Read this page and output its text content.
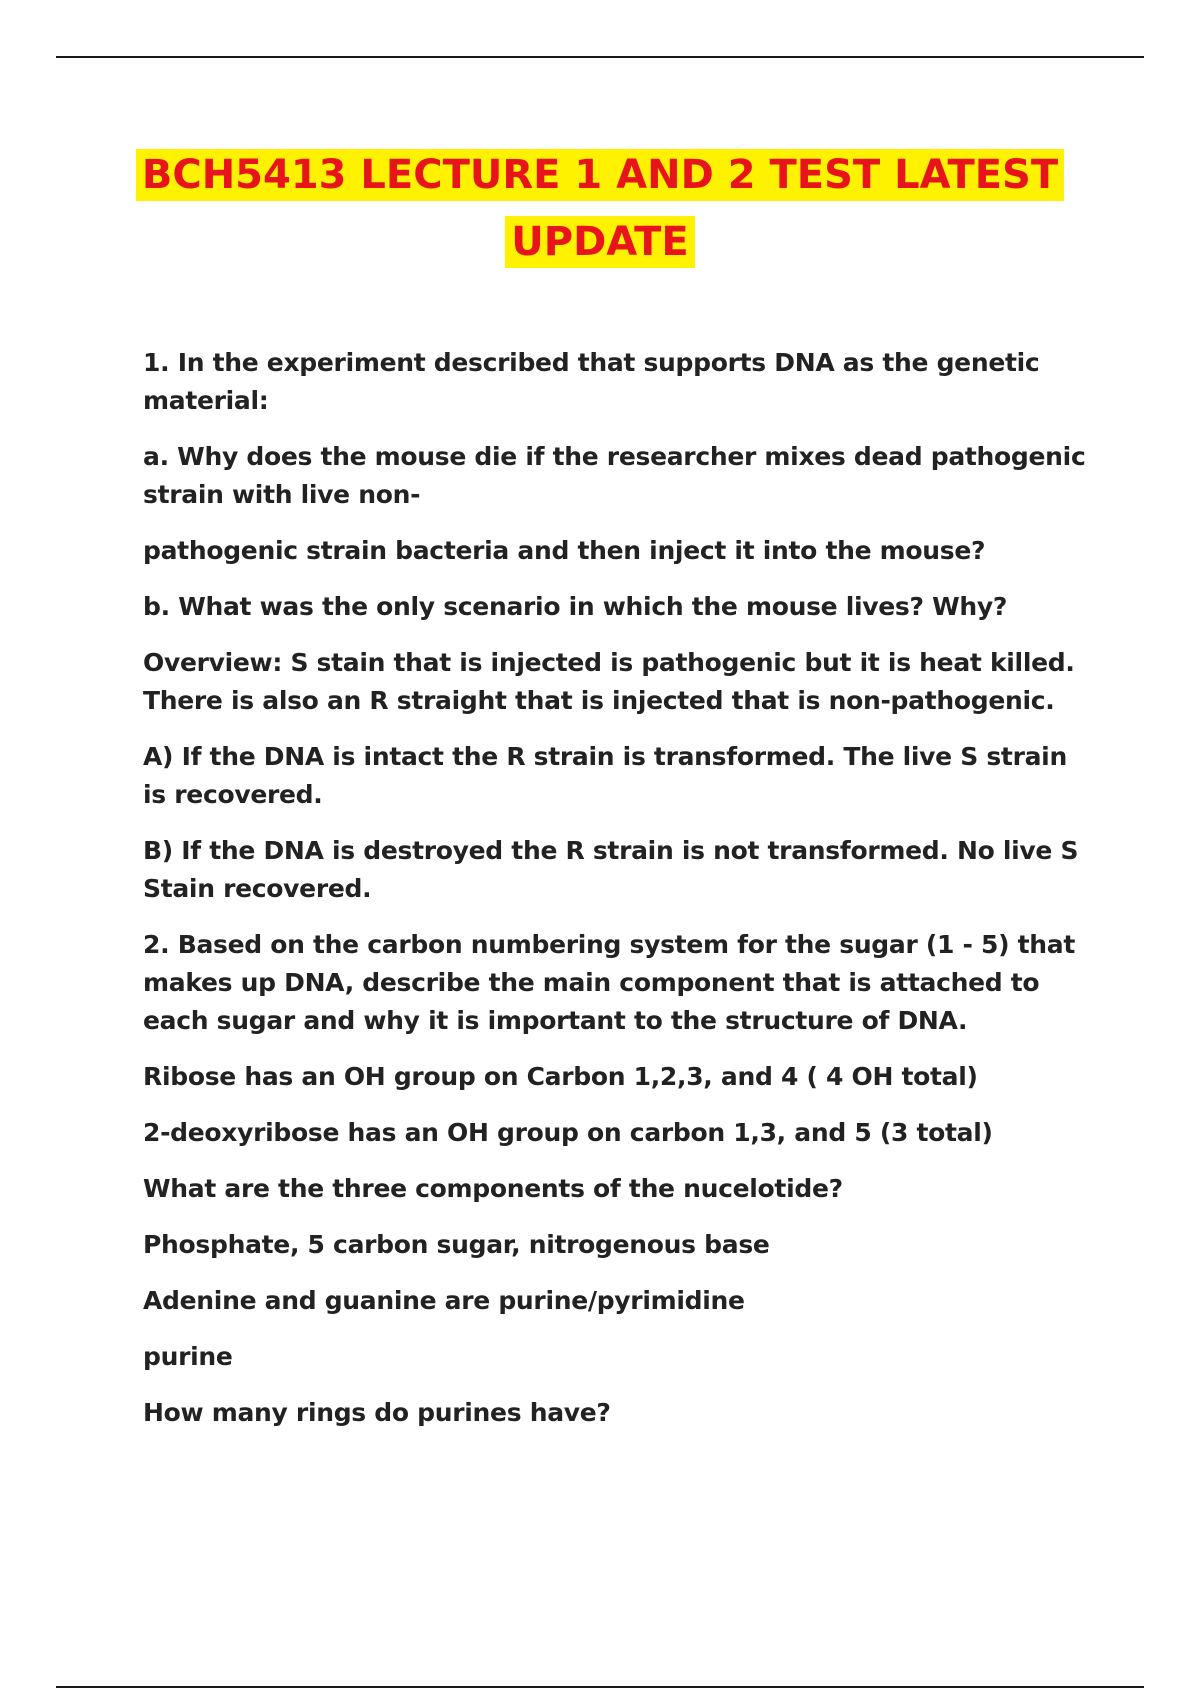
BCH5413 LECTURE 1 AND 2 TEST LATEST
UPDATE

1. In the experiment described that supports DNA as the genetic material:

a. Why does the mouse die if the researcher mixes dead pathogenic strain with live non-

pathogenic strain bacteria and then inject it into the mouse?

b. What was the only scenario in which the mouse lives? Why?

Overview: S stain that is injected is pathogenic but it is heat killed. There is also an R straight that is injected that is non-pathogenic.

A) If the DNA is intact the R strain is transformed. The live S strain is recovered.

B) If the DNA is destroyed the R strain is not transformed. No live S Stain recovered.

2. Based on the carbon numbering system for the sugar (1 - 5) that makes up DNA, describe the main component that is attached to each sugar and why it is important to the structure of DNA.

Ribose has an OH group on Carbon 1,2,3, and 4 ( 4 OH total)

2-deoxyribose has an OH group on carbon 1,3, and 5 (3 total)

What are the three components of the nucelotide?

Phosphate, 5 carbon sugar, nitrogenous base

Adenine and guanine are purine/pyrimidine

purine

How many rings do purines have?
